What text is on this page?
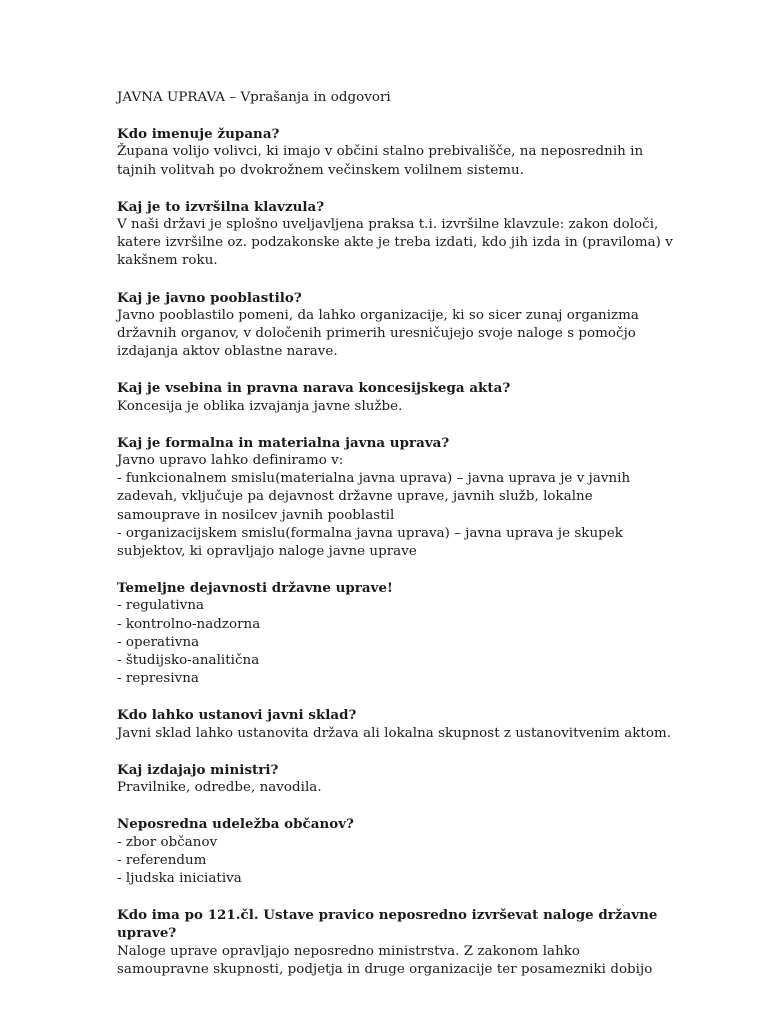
JAVNA UPRAVA – Vprašanja in odgovori
Kdo imenuje župana?
Župana volijo volivci, ki imajo v občini stalno prebivališče, na neposrednih in
tajnih volitvah po dvokrožnem večinskem volilnem sistemu.
Kaj je to izvršilna klavzula?
V naši državi je splošno uveljavljena praksa t.i. izvršilne klavzule: zakon določi,
katere izvršilne oz. podzakonske akte je treba izdati, kdo jih izda in (praviloma) v
kakšnem roku.
Kaj je javno pooblastilo?
Javno pooblastilo pomeni, da lahko organizacije, ki so sicer zunaj organizma
državnih organov, v določenih primerih uresničujejo svoje naloge s pomočjo
izdajanja aktov oblastne narave.
Kaj je vsebina in pravna narava koncesijskega akta?
Koncesija je oblika izvajanja javne službe.
Kaj je formalna in materialna javna uprava?
Javno upravo lahko definiramo v:
- funkcionalnem smislu(materialna javna uprava) – javna uprava je v javnih
zadevah, vključuje pa dejavnost državne uprave, javnih služb, lokalne
samouprave in nosilcev javnih pooblastil
- organizacijskem smislu(formalna javna uprava) – javna uprava je skupek
subjektov, ki opravljajo naloge javne uprave
Temeljne dejavnosti državne uprave!
- regulativna
- kontrolno-nadzorna
- operativna
- študijsko-analitična
- represivna
Kdo lahko ustanovi javni sklad?
Javni sklad lahko ustanovita država ali lokalna skupnost z ustanovitvenim aktom.
Kaj izdajajo ministri?
Pravilnike, odredbe, navodila.
Neposredna udeležba občanov?
- zbor občanov
- referendum
- ljudska iniciativa
Kdo ima po 121.čl. Ustave pravico neposredno izvrševat naloge državne
uprave?
Naloge uprave opravljajo neposredno ministrstva. Z zakonom lahko
samoupravne skupnosti, podjetja in druge organizacije ter posamezniki dobijo
